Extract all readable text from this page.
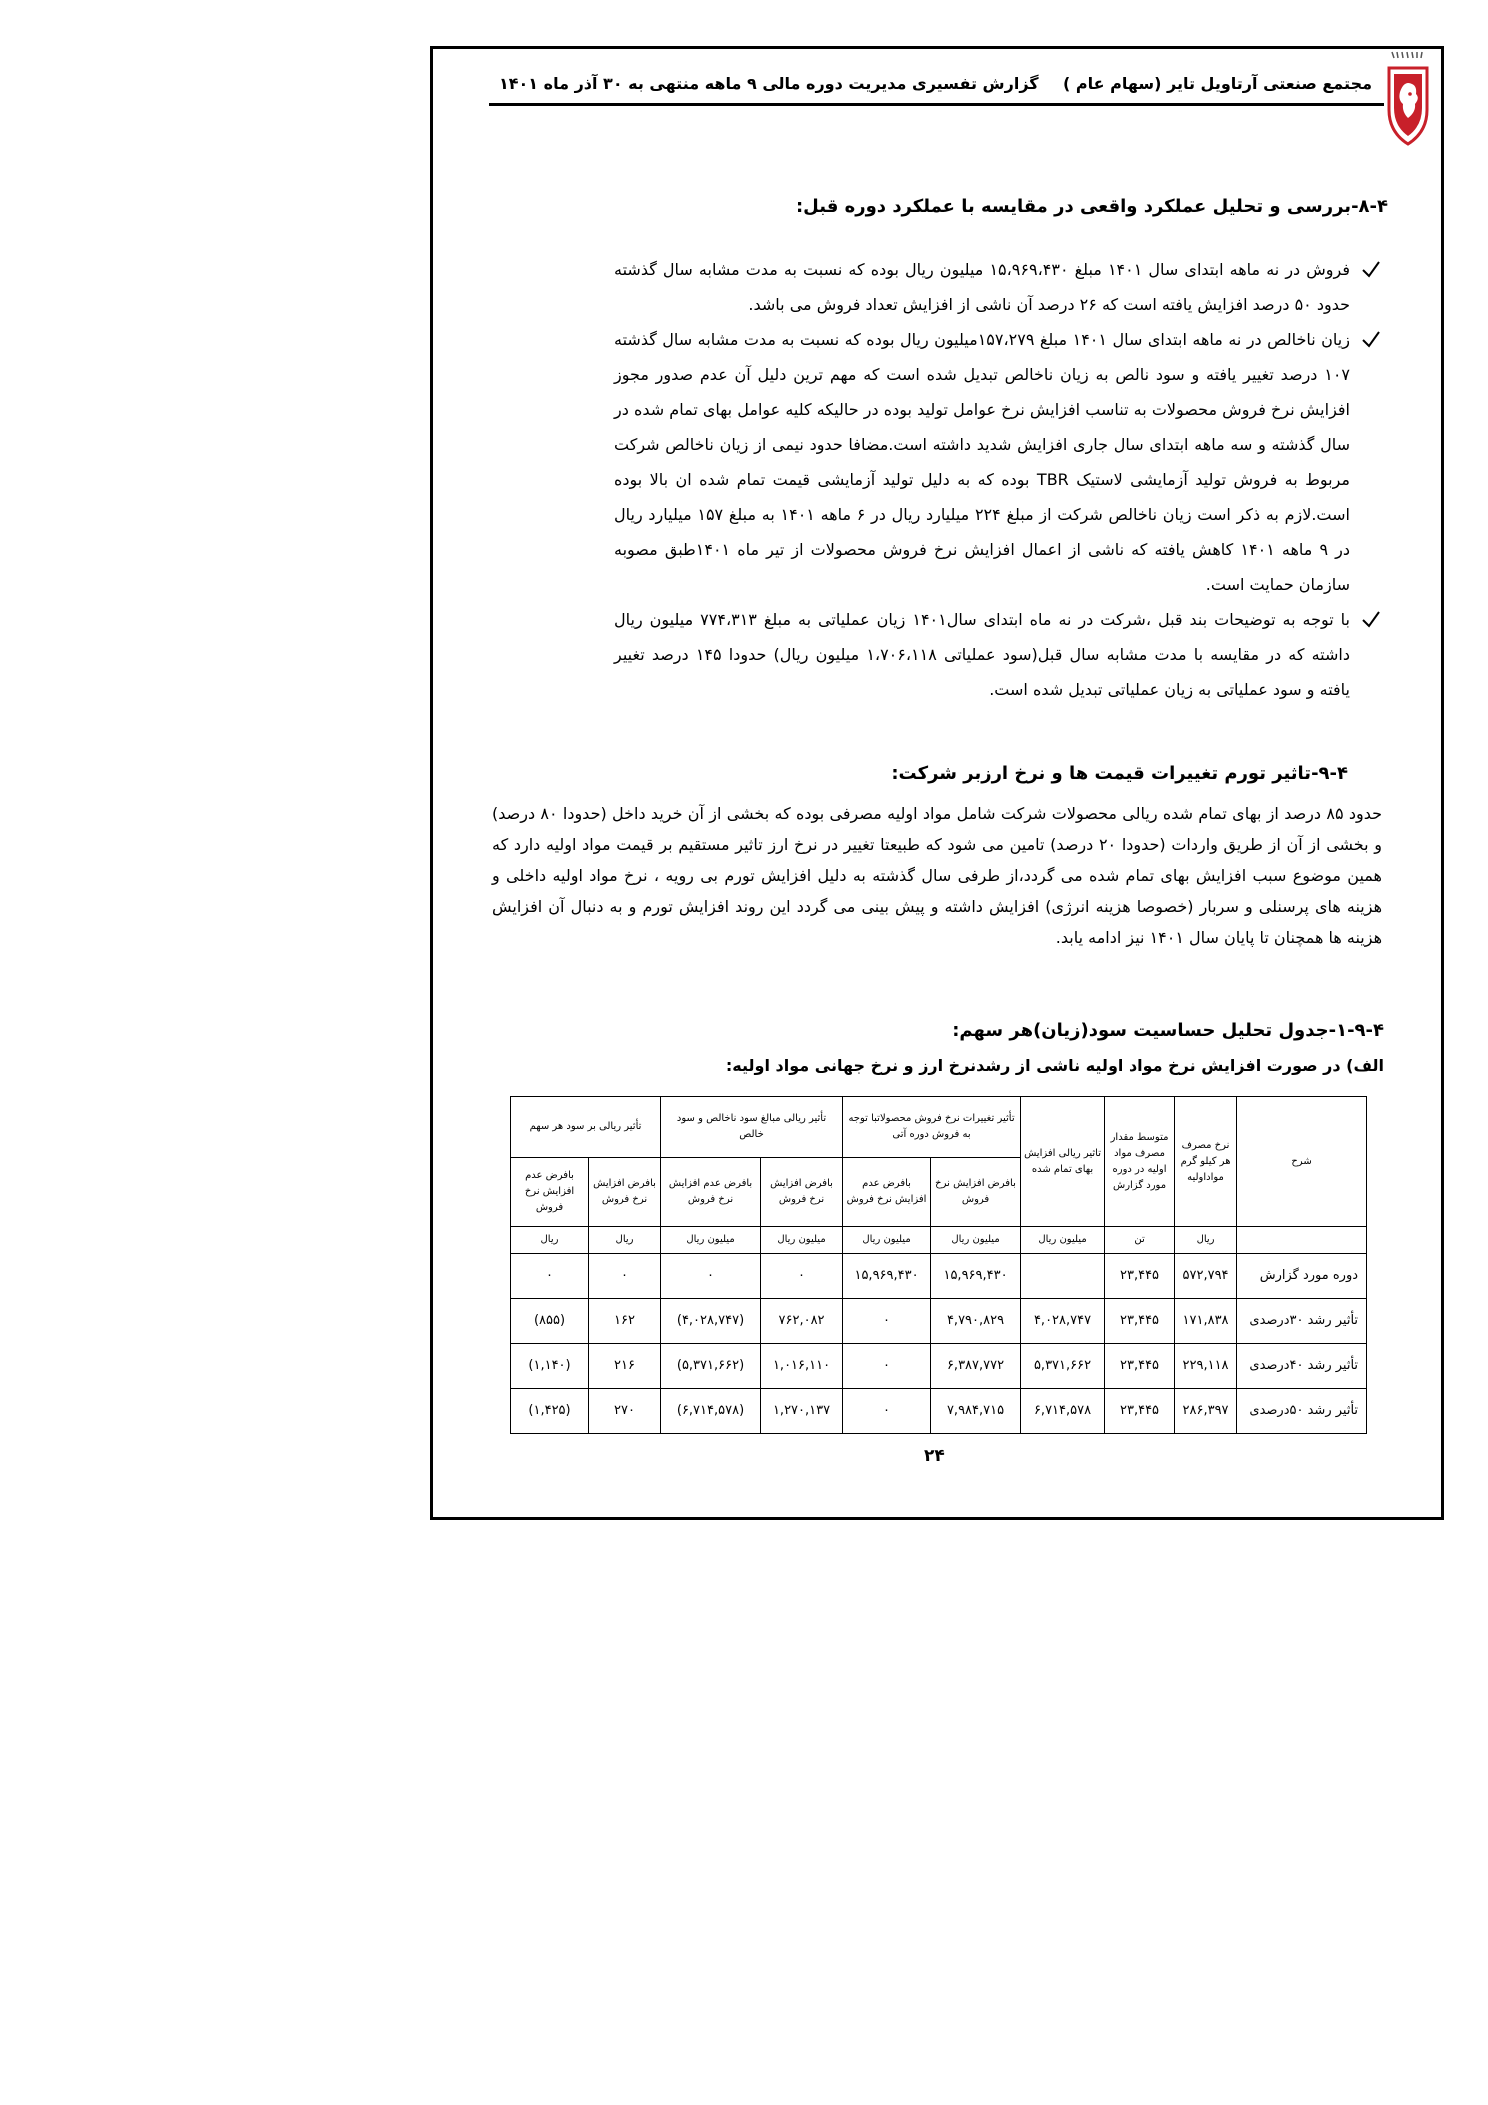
مجتمع صنعتی آرتاویل تایر (سهام عام )
گزارش تفسیری مدیریت دوره مالی ۹ ماهه منتهی به ۳۰ آذر ماه ۱۴۰۱
۸-۴-بررسی و تحلیل عملکرد واقعی در مقایسه با عملکرد دوره قبل:
فروش در نه ماهه ابتدای سال ۱۴۰۱ مبلغ ۱۵،۹۶۹،۴۳۰ میلیون ریال بوده که نسبت به مدت مشابه سال گذشته حدود ۵۰ درصد افزایش یافته است که ۲۶ درصد آن ناشی از افزایش تعداد فروش می باشد.
زیان ناخالص در نه ماهه ابتدای سال ۱۴۰۱ مبلغ ۱۵۷،۲۷۹میلیون ریال بوده که نسبت به مدت مشابه سال گذشته ۱۰۷ درصد تغییر یافته و سود نالص به زیان ناخالص تبدیل شده است که مهم ترین دلیل آن عدم صدور مجوز افزایش نرخ فروش محصولات به تناسب افزایش نرخ عوامل تولید بوده در حالیکه کلیه عوامل بهای تمام شده در سال گذشته و سه ماهه ابتدای سال جاری افزایش شدید داشته است.مضافا حدود نیمی از زیان ناخالص شرکت مربوط به فروش تولید آزمایشی لاستیک TBR بوده که به دلیل تولید آزمایشی قیمت تمام شده ان بالا بوده است.لازم به ذکر است زیان ناخالص شرکت از مبلغ ۲۲۴ میلیارد ریال در ۶ ماهه ۱۴۰۱ به مبلغ ۱۵۷ میلیارد ریال در ۹ ماهه ۱۴۰۱ کاهش یافته که ناشی از اعمال افزایش نرخ فروش محصولات از تیر ماه ۱۴۰۱طبق مصوبه سازمان حمایت است.
با توجه به توضیحات بند قبل ،شرکت در نه ماه ابتدای سال۱۴۰۱ زیان عملیاتی به مبلغ ۷۷۴،۳۱۳ میلیون ریال داشته که در مقایسه با مدت مشابه سال قبل(سود عملیاتی ۱،۷۰۶،۱۱۸ میلیون ریال) حدودا ۱۴۵ درصد تغییر یافته و سود عملیاتی به زیان عملیاتی تبدیل شده است.
۹-۴-تاثیر تورم تغییرات قیمت ها و نرخ ارزبر شرکت:
حدود ۸۵ درصد از بهای تمام شده ریالی محصولات شرکت شامل مواد اولیه مصرفی بوده که بخشی از آن خرید داخل (حدودا ۸۰ درصد) و بخشی از آن از طریق واردات (حدودا ۲۰ درصد) تامین می شود که طبیعتا تغییر در نرخ ارز تاثیر مستقیم بر قیمت مواد اولیه دارد که همین موضوع سبب افزایش بهای تمام شده می گردد،از طرفی سال گذشته به دلیل افزایش تورم بی رویه ، نرخ مواد اولیه داخلی و هزینه های پرسنلی و سربار (خصوصا هزینه انرژی) افزایش داشته و پیش بینی می گردد این روند افزایش تورم و به دنبال آن افزایش هزینه ها همچنان تا پایان سال ۱۴۰۱ نیز ادامه یابد.
۱-۹-۴-جدول تحلیل حساسیت سود(زیان)هر سهم:
الف) در صورت افزایش نرخ مواد اولیه ناشی از رشدنرخ ارز و نرخ جهانی مواد اولیه:
شرح	نرخ مصرف هر کیلو گرم مواداولیه	متوسط مقدار مصرف مواد اولیه در دوره مورد گزارش	تاثیر ریالی افزایش بهای تمام شده	تأثیر تغییرات نرخ فروش محصولاتبا توجه به فروش دوره آتی		تأثیر ریالی مبالغ سود ناخالص و سود خالص		تأثیر ریالی بر سود هر سهم	
				بافرض افزایش نرخ فروش	بافرض عدم افزایش نرخ فروش	بافرض افزایش نرخ فروش	بافرض عدم افزایش نرخ فروش	بافرض افزایش نرخ فروش	بافرض عدم افزایش نرخ فروش
	ریال	تن	میلیون ریال	میلیون ریال	میلیون ریال	میلیون ریال	میلیون ریال	ریال	ریال
دوره مورد گزارش	۵۷۲,۷۹۴	۲۳,۴۴۵		۱۵,۹۶۹,۴۳۰	۱۵,۹۶۹,۴۳۰	۰	۰	۰	۰
تأثیر رشد ۳۰درصدی	۱۷۱,۸۳۸	۲۳,۴۴۵	۴,۰۲۸,۷۴۷	۴,۷۹۰,۸۲۹	۰	۷۶۲,۰۸۲	(۴,۰۲۸,۷۴۷)	۱۶۲	(۸۵۵)
تأثیر رشد ۴۰درصدی	۲۲۹,۱۱۸	۲۳,۴۴۵	۵,۳۷۱,۶۶۲	۶,۳۸۷,۷۷۲	۰	۱,۰۱۶,۱۱۰	(۵,۳۷۱,۶۶۲)	۲۱۶	(۱,۱۴۰)
تأثیر رشد ۵۰درصدی	۲۸۶,۳۹۷	۲۳,۴۴۵	۶,۷۱۴,۵۷۸	۷,۹۸۴,۷۱۵	۰	۱,۲۷۰,۱۳۷	(۶,۷۱۴,۵۷۸)	۲۷۰	(۱,۴۲۵)
۲۴
